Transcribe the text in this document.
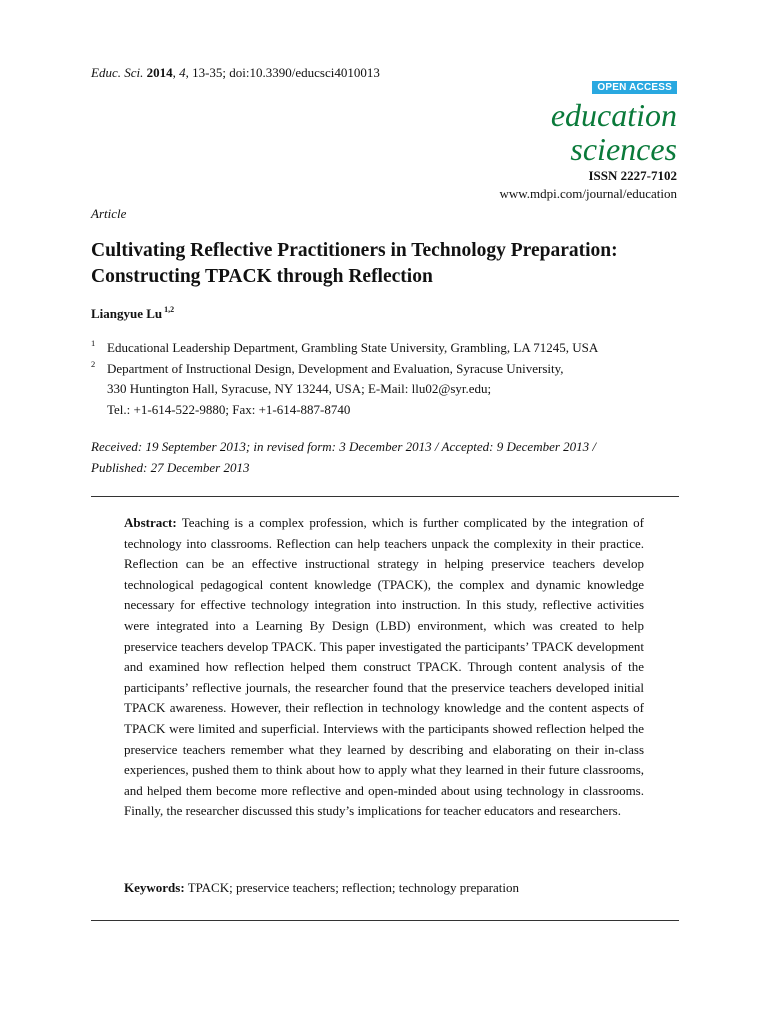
Educ. Sci. 2014, 4, 13-35; doi:10.3390/educsci4010013
OPEN ACCESS
education
sciences
ISSN 2227-7102
www.mdpi.com/journal/education
Article
Cultivating Reflective Practitioners in Technology Preparation:
Constructing TPACK through Reflection
Liangyue Lu $^{1,2}$
1 Educational Leadership Department, Grambling State University, Grambling, LA 71245, USA
2 Department of Instructional Design, Development and Evaluation, Syracuse University,
330 Huntington Hall, Syracuse, NY 13244, USA; E-Mail: llu02@syr.edu;
Tel.: +1-614-522-9880; Fax: +1-614-887-8740
Received: 19 September 2013; in revised form: 3 December 2013 / Accepted: 9 December 2013 /
Published: 27 December 2013
Abstract: Teaching is a complex profession, which is further complicated by the integration of technology into classrooms. Reflection can help teachers unpack the complexity in their practice. Reflection can be an effective instructional strategy in helping preservice teachers develop technological pedagogical content knowledge (TPACK), the complex and dynamic knowledge necessary for effective technology integration into instruction. In this study, reflective activities were integrated into a Learning By Design (LBD) environment, which was created to help preservice teachers develop TPACK. This paper investigated the participants’ TPACK development and examined how reflection helped them construct TPACK. Through content analysis of the participants’ reflective journals, the researcher found that the preservice teachers developed initial TPACK awareness. However, their reflection in technology knowledge and the content aspects of TPACK were limited and superficial. Interviews with the participants showed reflection helped the preservice teachers remember what they learned by describing and elaborating on their in-class experiences, pushed them to think about how to apply what they learned in their future classrooms, and helped them become more reflective and open-minded about using technology in classrooms. Finally, the researcher discussed this study’s implications for teacher educators and researchers.
Keywords: TPACK; preservice teachers; reflection; technology preparation
